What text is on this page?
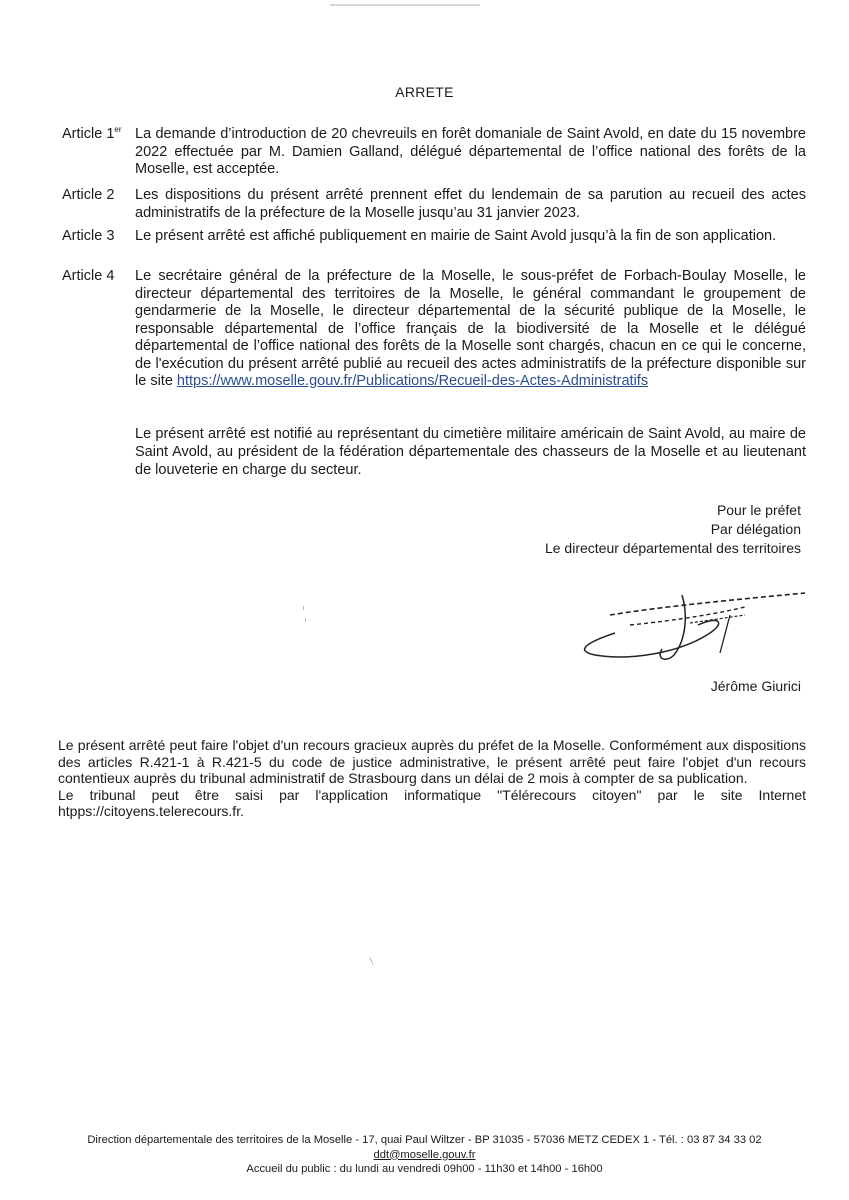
ARRETE
Article 1er La demande d’introduction de 20 chevreuils en forêt domaniale de Saint Avold, en date du 15 novembre 2022 effectuée par M. Damien Galland, délégué départemental de l’office national des forêts de la Moselle, est acceptée.
Article 2	Les dispositions du présent arrêté prennent effet du lendemain de sa parution au recueil des actes administratifs de la préfecture de la Moselle jusqu’au 31 janvier 2023.
Article 3	Le présent arrêté est affiché publiquement en mairie de Saint Avold jusqu’à la fin de son application.
Article 4	Le secrétaire général de la préfecture de la Moselle, le sous-préfet de Forbach-Boulay Moselle, le directeur départemental des territoires de la Moselle, le général commandant le groupement de gendarmerie de la Moselle, le directeur départemental de la sécurité publique de la Moselle, le responsable départemental de l’office français de la biodiversité de la Moselle et le délégué départemental de l’office national des forêts de la Moselle sont chargés, chacun en ce qui le concerne, de l'exécution du présent arrêté publié au recueil des actes administratifs de la préfecture disponible sur le site https://www.moselle.gouv.fr/Publications/Recueil-des-Actes-Administratifs
Le présent arrêté est notifié au représentant du cimetière militaire américain de Saint Avold, au maire de Saint Avold, au président de la fédération départementale des chasseurs de la Moselle et au lieutenant de louveterie en charge du secteur.
Pour le préfet
Par délégation
Le directeur départemental des territoires
Jérôme Giurici
Le présent arrêté peut faire l'objet d'un recours gracieux auprès du préfet de la Moselle. Conformément aux dispositions des articles R.421-1 à R.421-5 du code de justice administrative, le présent arrêté peut faire l'objet d'un recours contentieux auprès du tribunal administratif de Strasbourg dans un délai de 2 mois à compter de sa publication.
Le tribunal peut être saisi par l'application informatique "Télérecours citoyen" par le site Internet htpps://citoyens.telerecours.fr.
Direction départementale des territoires de la Moselle - 17, quai Paul Wiltzer - BP 31035 - 57036 METZ CEDEX 1 - Tél. : 03 87 34 33 02
ddt@moselle.gouv.fr
Accueil du public : du lundi au vendredi 09h00 - 11h30 et 14h00 - 16h00
